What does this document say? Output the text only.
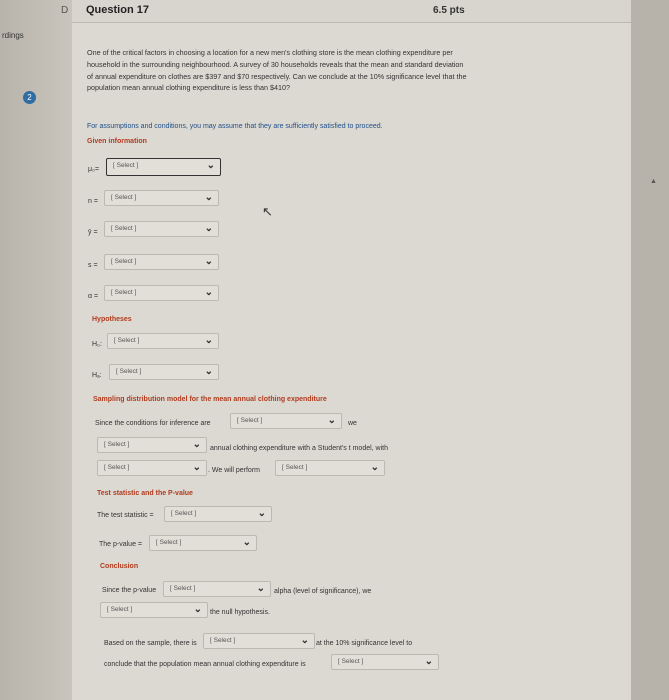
rdings
2
▲
D Question 17	6.5 pts
One of the critical factors in choosing a location for a new men's clothing store is the mean clothing expenditure per household in the surrounding neighbourhood. A survey of 30 households reveals that the mean and standard deviation of annual expenditure on clothes are $397 and $70 respectively. Can we conclude at the 10% significance level that the population mean annual clothing expenditure is less than $410?
For assumptions and conditions, you may assume that they are sufficiently satisfied to proceed.
Given information
μ₀=
[ Select ]	⌄
n =
[ Select ]	⌄
ȳ =
[ Select ]	⌄
s =
[ Select ]	⌄
α =
[ Select ]	⌄
↖
Hypotheses
H₀:
[ Select ]	⌄
Hₐ:
[ Select ]	⌄
Sampling distribution model for the mean annual clothing expenditure
Since the conditions for inference are	[ Select ]	⌄ we
[ Select ]	⌄ annual clothing expenditure with a Student's t model, with
[ Select ]	⌄ . We will perform	[ Select ]	⌄
Test statistic and the P-value
The test statistic =	[ Select ]	⌄
The p-value = [ Select ]	⌄
Conclusion
Since the p-value [ Select ]	⌄ alpha (level of significance), we
[ Select ]	⌄ the null hypothesis.
Based on the sample, there is [ Select ]	⌄ at the 10% significance level to
conclude that the population mean annual clothing expenditure is	[ Select ]	⌄
